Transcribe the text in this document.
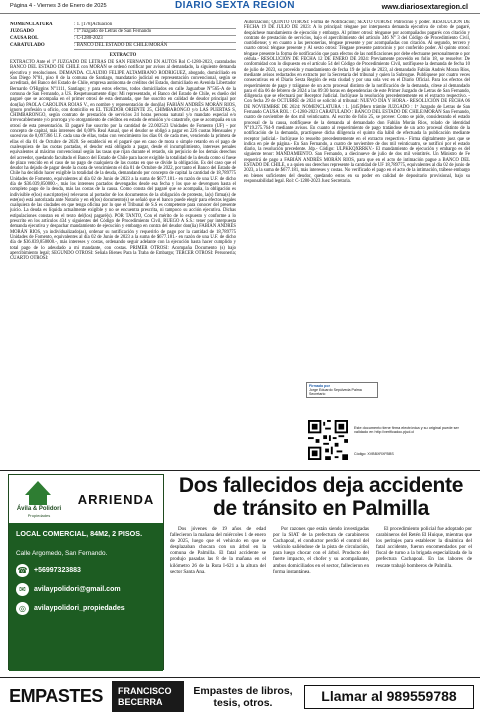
Página 4 - Viernes 3 de Enero de 2025	DIARIO SEXTA REGIÓN	www.diariosextaregion.cl
NOMENCLATURA	: 1. [178]Actuación
JUZGADO	: 1º Juzgado de Letras de San Fernando
CAUSA ROL	: C-1280-2023
CARATULADO	: BANCO DEL ESTADO DE CHILE/MORÁN
EXTRACTO

EXTRACTO Ante el 1° JUZGADO DE LETRAS DE SAN FERNANDO EN AUTOS Rol C-1280-2023, caratulados BANCO DEL ESTADO DE CHILE con MORÁN se ordenó notificar por avisos al demandado, la siguiente demanda ejecutiva y resoluciones. DEMANDA. CLAUDIO FELIPE ALTAMIRANO RODRIGUEZ, abogado, domiciliado en San Diego N°81, piso 8 de la comuna de Santiago, mandatario judicial en representación convencional, según se acreditará, del Banco del Estado de Chile, empresa autónoma de créditos del Estado, domiciliado en Avenida Libertador Bernardo O'Higgins N°1111, Santiago; y para estos efectos, todos domiciliados en calle Jaguarbue N°565-A de la comuna de San Fernando, a US. Respetuosamente digo: Mi representado, el Banco del Estado de Chile, es dueño del pagaré que se acompaña en el primer otrosí de esta demanda, que fue suscrito en calidad de deudor principal por don(ña) PAOLA CAROLINA ROJAS V., en nombre y representación de don(ña) FABIÁN ANDRÉS MORÁN RIOS, ignoro profesión u oficio, con domicilio en EL TEJEDOR ORIENTE 25, CHIMBARONGO y/o LAS PUERTAS S, CHIMBARONGO, según contrato de prestación de servicios 24 horas persona natural y/o mandato especial e/o irrevocablemente y/o prorroga y/o otorgamiento de créditos en estado de emisión y/o catastrofe, que se acompaña en un otrosí de esta presentación. El pagaré fue suscrito por la cantidad de 22.002523 Unidades de Fomento (UF) - por concepto de capital, más intereses del 0,00% Real Anual, que el deudor se obligó a pagar en 226 cuotas Mensuales y sucesivas de 0,097366 U.F. cada una de ellas, todas con vencimiento los días 01 de cada mes, venciendo la primera de ellas el día 01 de Octubre de 2020. Se estableció en el pagaré que en caso de mora o simple retardo en el pago de cualesquiera de las cuotas pactadas, el deudor está obligado a pagar, desde el incumplimiento, intereses penales equivalentes al máximo convencional según las tasas que rijan durante el retardo, sin perjuicio de los demás derechos del acreedor, quedando facultado el Banco del Estado de Chile para hacer exigible la totalidad de la deuda como si fuese de plazo vencido en el caso de no pago de cualquiera de las cuotas en que se divide la obligación. Es del caso que el deudor ha dejado de pagar desde la cuota de vencimiento el día 01 de Octubre de 2022, por tanto el Banco del Estado de Chile ha decidido hacer exigible la totalidad de la deuda, demandando por concepto de capital la cantidad de 18,789775 Unidades de Fomento, equivalentes al día 02 de Junio de 2023 a la suma de $677.181.- en razón de una U.F. de dicho día de $36.039,850000.-, más los intereses pactados devengados desde esa fecha y los que se devenguen hasta el completo pago de la deuda, más las costas de la causa. Como consta del pagaré que se acompaña, la obligación es indivisible e(los) suscriptor(es) relevaron al portador de los documentos de la obligación de protesto, la(s) firma(s) de este(os) está autorizada ante Notario y en el(los) documento(s) se señaló que el banco puede elegir para efectos legales cualquiera de las ciudades en que tenga oficina por lo que el Tribunal de S.S es competente para conocer del presente juicio. La deuda es líquida actualmente exigible y no se encuentra prescrita, ni tampoco su acción ejecutiva. Dichas estipulaciones constan en el texto del(los) pagaré(s). POR TANTO, Con el mérito de lo expuesto y conforme a lo prescrito en los artículos 434 y siguientes del Código de Procedimiento Civil, RUEGO A S.S.: tener por interpuesta demanda ejecutiva y despachar mandamiento de ejecución y embargo en contra del deudor don(ña) FABIÁN ANDRÉS MORÁN RIOS, ya individualizado(as), ordenar su notificación y requerirlo de pago por la cantidad de 18,789775 Unidades de Fomento, equivalentes al día 02 de Junio de 2023 a la suma de $677.181.- en razón de una U.F. de dicho día de $36.039,850000.-, más intereses y costas, ordenando seguir adelante con la ejecución hasta hacer cumplido y total pago de lo adeudado a mi mandante, con costas. PRIMER OTROSI: Acompaña Documento (s) bajo apercibimiento legal; SEGUNDO OTROSI: Señala Bienes Para la Traba de Embargo; TERCER OTROSI: Personería; CUARTO OTROSI:

Autorización; QUINTO OTROSI: Forma de Notificación; SEXTO OTROSI: Patrocinio y poder. RESOLUCIÓN DE FECHA 19 DE JULIO DE 2023: A lo principal: téngase por interpuesta demanda ejecutiva de cobro de pagaré, despáchese mandamiento de ejecución y embargo. Al primer otrosí: ténganse por acompañados pagarés con citación y contrato de prestación de servicios, bajo el apercibimiento del artículo 346 N° 3 del Código de Procedimiento Civil, custódiense; y en cuanto a las personerías, téngase presente y por acompañadas con citación. Al segundo, tercero y cuarto otrosí: téngase presente y Al sexto otrosí: Téngase presente patrocinio y por conferido poder. Al quinto otrosí: téngase presente la forma de notificación que para efectos de las notificaciones por debe efectuarse personalmente o por cédula.- RESOLUCIÓN DE FECHA 12 DE ENERO DE 2024: Previamente proveído en folio 18, se resuelve: De conformidad con lo dispuesto en el artículo 54 del Código de Procedimiento Civil, notifíquese la demanda de fecha 10 de julio de 2023, su proveído y mandamiento de fecha 19 de julio de 2023, al demandado Fabián Andrés Moran Rios, mediante avisos redactados en extracto por la Secretaria del tribunal y quien la Subrogue. Publíquese por cuatro veces consecutivas en el Diario Sexta Región de esta ciudad y por una sola vez en el Diario Oficial. Para los efectos del requerimiento de pago y tráiganse de un acto procesal distinto de la notificación de la demanda, cítese al demandado para el día 06 de febrero de 2024 a las 09:30 horas en dependencias de este Primer Juzgado de Letras de San Fernando, diligencia que se efectuará por Receptor Judicial. Inclúyase la resolución precedentemente en el extracto respectivo. - Con fecha 29 de OCTUBRE de 2024 se solicitó al tribunal: NUEVO DÍA Y HORA.- RESOLUCIÓN DE FECHA 06 DE NOVIEMBRE DE 2024: NOMENCLATURA : 1. [445]Mero trámite JUZGADO : 1º Juzgado de Letras de San Fernando CAUSA ROL : C-1280-2023 CARATULADO : BANCO DEL ESTADO DE CHILE/MORÁN San Fernando, cuatro de noviembre de dos mil veinticuatro. Al escrito de folio 25, se provee: Como se pide, considerando el estado procesal de la causa, notifíquese de la demanda al demandado don Fabián Morán Rios, rolado de identidad N°19.275.764-9 mediante avisos. En cuanto al requerimiento de pago tratándose de un acto procesal distinto de la notificación de la demanda, practíquese dicha diligencia el quinto día hábil de efectuada la publicación mediante receptor judicial.- Inclúyase lo resuelto precedentemente en el extracto respectivo.- Firma digitalmente juez que se indica en pie de página.- En San Fernando, a cuatro de noviembre de dos mil veinticuatro, se notificó por el estado diario, la resolución precedente. Jdp.- Código: ULPKKQXRRKV.- El mandamiento de ejecución y embargo es del siguiente tenor: MANDAMIENTO. San Fernando, a diecinueve de julio de dos mil veintitrés. Un Ministro de Fe requerirá de pago a FABIÁN ANDRÉS MORÁN RIOS, para que en el acto de intimación pague a BANCO DEL ESTADO DE CHILE, o a quien sus derechos represente la cantidad de UF 18,789775, equivalentes al día 02 de junio de 2023, a la suma de $677.181, más intereses y costas. No verificado el pago en el acto de la intimación, trábese embargo en bienes suficientes del deudor, quedando estos en su poder en calidad de depositario provisional, bajo su responsabilidad legal. Rol: C-1280-2023 Juez Secretaria.

Firmado por
Jorge Eduardo Sepúlveda Palma
Secretario
Este documento tiene firma electrónica y su original puede ser validado en http://verificadoc.pjud.cl
Código: XVBBXRXFBBS
Ávila & Polidori
Propiedades
ARRIENDA
LOCAL COMERCIAL, 84M2, 2 PISOS.
Calle Argomedo, San Fernando.
☎ +56997323883
✉	avilaypolidori@gmail.com
◎	avilaypolidori_propiedades
Dos fallecidos deja accidente de tránsito en Palmilla

Dos jóvenes de 19 años de edad fallecieron la mañana del miércoles 1 de enero de 2025, luego que el vehículo en que se desplazaban chocara con un árbol en la comuna de Palmilla. El fatal accidente se produjo pasadas las 8 de la mañana en el kilómetro 26 de la Ruta I-621 a la altura del sector Santa Ana.

Por razones que están siendo investigadas por la SIAT de la prefectura de carabineros Cachapoal, el conductor perdió el control del vehículo saliéndose de la pista de circulación, para luego chocar con el árbol. Producto del fuerte impacto, el chofer y su acompañante, ambos domiciliados en el sector, fallecieron en forma instantánea.

El procedimiento policial fue adoptado por carabineros del Retén El Huique, mientras que los peritajes para establecer la dinámica del fatal accidente, fueron encomendados por el fiscal de turno a la brigada especializada de la prefectura Cachapoal. En las labores de rescate trabajó bomberos de Palmilla.

EMPASTES	FRANCISCO
BECERRA
Empastes de libros, tesis, otros.	Llamar al 989559788
